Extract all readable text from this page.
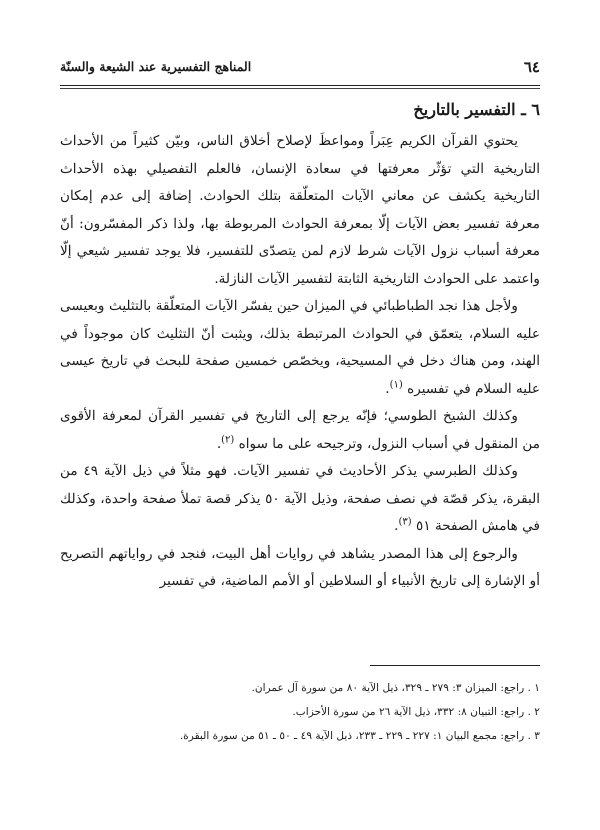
٦٤
المناهج التفسيرية عند الشيعة والسنّة
٦ ـ التفسير بالتاريخ

يحتوي القرآن الكريم عِبَراً ومواعظَ لإصلاح أخلاق الناس، وبيّن كثيراً من الأحداث التاريخية التي تؤثّر معرفتها في سعادة الإنسان، فالعلم التفصيلي بهذه الأحداث التاريخية يكشف عن معاني الآيات المتعلّقة بتلك الحوادث. إضافة إلى عدم إمكان معرفة تفسير بعض الآيات إلّا بمعرفة الحوادث المربوطة بها، ولذا ذكر المفسّرون: أنّ معرفة أسباب نزول الآيات شرط لازم لمن يتصدّى للتفسير، فلا يوجد تفسير شيعي إلّا واعتمد على الحوادث التاريخية الثابتة لتفسير الآيات النازلة.

ولأجل هذا نجد الطباطبائي في الميزان حين يفسّر الآيات المتعلّقة بالتثليث وبعيسى عليه السلام، يتعمّق في الحوادث المرتبطة بذلك، ويثبت أنّ التثليث كان موجوداً في الهند، ومن هناك دخل في المسيحية، ويخصّص خمسين صفحة للبحث في تاريخ عيسى عليه السلام في تفسيره $^{(١)}$.

وكذلك الشيخ الطوسي؛ فإنّه يرجع إلى التاريخ في تفسير القرآن لمعرفة الأقوى من المنقول في أسباب النزول، وترجيحه على ما سواه $^{(٢)}$.

وكذلك الطبرسي يذكر الأحاديث في تفسير الآيات. فهو مثلاً في ذيل الآية ٤٩ من البقرة، يذكر قصّة في نصف صفحة، وذيل الآية ٥٠ يذكر قصة تملأ صفحة واحدة، وكذلك في هامش الصفحة ٥١ $^{(٣)}$.

والرجوع إلى هذا المصدر يشاهد في روايات أهل البيت، فنجد في رواياتهم التصريح أو الإشارة إلى تاريخ الأنبياء أو السلاطين أو الأمم الماضية، في تفسير

١ . راجع: الميزان ٣: ٢٧٩ ـ ٣٢٩، ذيل الآية ٨٠ من سورة آل عمران.
٢ . راجع: التبيان ٨: ٣٣٢، ذيل الآية ٢٦ من سورة الأحزاب.
٣ . راجع: مجمع البيان ١: ٢٢٧ ـ ٢٢٩ ـ ٢٣٣، ذيل الآية ٤٩ ـ ٥٠ ـ ٥١ من سورة البقرة.
